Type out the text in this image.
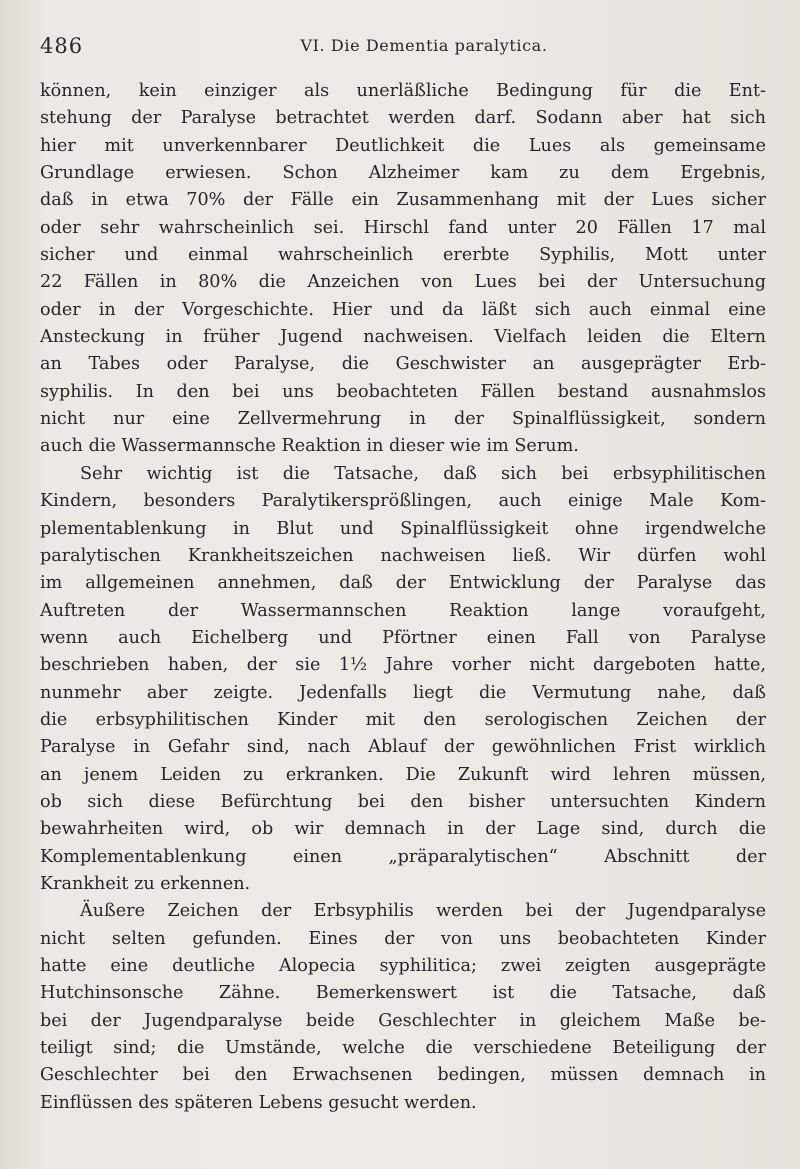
486	VI. Die Dementia paralytica.
können, kein einziger als unerläßliche Bedingung für die Ent-
stehung der Paralyse betrachtet werden darf. Sodann aber hat sich
hier mit unverkennbarer Deutlichkeit die Lues als gemeinsame
Grundlage erwiesen. Schon Alzheimer kam zu dem Ergebnis,
daß in etwa 70% der Fälle ein Zusammenhang mit der Lues sicher
oder sehr wahrscheinlich sei. Hirschl fand unter 20 Fällen 17 mal
sicher und einmal wahrscheinlich ererbte Syphilis, Mott unter
22 Fällen in 80% die Anzeichen von Lues bei der Untersuchung
oder in der Vorgeschichte. Hier und da läßt sich auch einmal eine
Ansteckung in früher Jugend nachweisen. Vielfach leiden die Eltern
an Tabes oder Paralyse, die Geschwister an ausgeprägter Erb-
syphilis. In den bei uns beobachteten Fällen bestand ausnahmslos
nicht nur eine Zellvermehrung in der Spinalflüssigkeit, sondern
auch die Wassermannsche Reaktion in dieser wie im Serum.
Sehr wichtig ist die Tatsache, daß sich bei erbsyphilitischen
Kindern, besonders Paralytikersprößlingen, auch einige Male Kom-
plementablenkung in Blut und Spinalflüssigkeit ohne irgendwelche
paralytischen Krankheitszeichen nachweisen ließ. Wir dürfen wohl
im allgemeinen annehmen, daß der Entwicklung der Paralyse das
Auftreten der Wassermannschen Reaktion lange voraufgeht,
wenn auch Eichelberg und Pförtner einen Fall von Paralyse
beschrieben haben, der sie 1½ Jahre vorher nicht dargeboten hatte,
nunmehr aber zeigte. Jedenfalls liegt die Vermutung nahe, daß
die erbsyphilitischen Kinder mit den serologischen Zeichen der
Paralyse in Gefahr sind, nach Ablauf der gewöhnlichen Frist wirklich
an jenem Leiden zu erkranken. Die Zukunft wird lehren müssen,
ob sich diese Befürchtung bei den bisher untersuchten Kindern
bewahrheiten wird, ob wir demnach in der Lage sind, durch die
Komplementablenkung einen „präparalytischen“ Abschnitt der
Krankheit zu erkennen.
Äußere Zeichen der Erbsyphilis werden bei der Jugendparalyse
nicht selten gefunden. Eines der von uns beobachteten Kinder
hatte eine deutliche Alopecia syphilitica; zwei zeigten ausgeprägte
Hutchinsonsche Zähne. Bemerkenswert ist die Tatsache, daß
bei der Jugendparalyse beide Geschlechter in gleichem Maße be-
teiligt sind; die Umstände, welche die verschiedene Beteiligung der
Geschlechter bei den Erwachsenen bedingen, müssen demnach in
Einflüssen des späteren Lebens gesucht werden.
